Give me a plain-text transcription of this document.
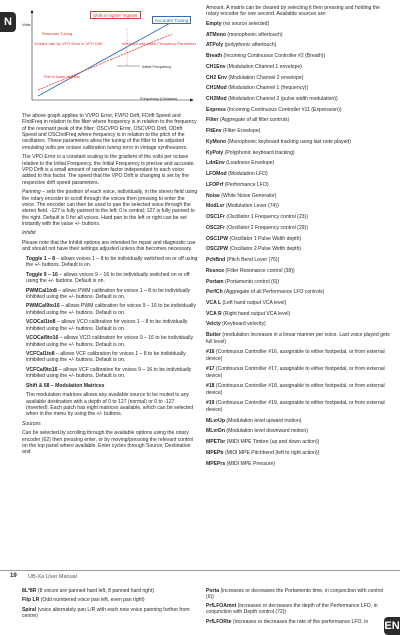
N
EN
Volts
Frequency (Octaves)
Shift in higher register
Accurate Tuning
Resonant Tuning
Graded rate by VPO Error in VPO Drift	Intercept with Initial Frequency Parameter
Initial Frequency
Flat in lower register

The above graph applies to VVPO Error, FVPO Drift, FDrift Speed and FInitFreq in relation to the filter where frequency is in relation to the frequency of the resonant peak of the filter; OSCVPO Error, OSCVPO Drift, ODrift Speed and OSCInitFreq where frequency is in relation to the pitch of the oscillators. These parameters allow the tuning of the filter to be adjusted emulating volts per octave calibration tuning error in vintage synthesizers.

The VPO Error is a constant scaling to the gradient of the volts per octave relative to the Initial Frequency, the Initial Frequency is precise and accurate. VPO Drift is a small amount of random factor independent to each voice added to this factor. The speed that the VPO Drift is changing is set by the respective drift speed parameters.

Panning – sets the position of each voice, individually, in the stereo field using the rotary encoder to scroll through the voices then pressing to enter the voice. The encoder can then be used to pan the selected voice through the stereo field. -127 is fully panned to the left; 0 is central; 127 is fully panned to the right. Default is 0 for all voices. Hard pan to the left or right can be set instantly with the value +/- buttons.

Inhibit

Please note that the Inhibit options are intended for repair and diagnostic use and should not have their settings adjusted unless this becomes necessary.

Toggle 1 – 8 – allows voices 1 – 8 to be individually switched on or off using the +/- buttons. Default is on.

Toggle 9 – 16 – allows voices 9 – 16 to be individually switched on or off using the +/- buttons. Default is on.

PWMCal1to8 – allows PWM calibration for voices 1 – 8 to be individually inhibited using the +/- buttons. Default is on.

PWMCal9to16 – allows PWM calibration for voices 9 – 16 to be individually inhibited using the +/- buttons. Default is on.

VCOCal1to8 – allows VCO calibration for voices 1 – 8 to be individually inhibited using the +/- buttons. Default is on.

VCOCal9to16 – allows VCO calibration for voices 9 – 16 to be individually inhibited using the +/- buttons. Default is on.

VCFCal1to8 – allows VCF calibration for voices 1 – 8 to be individually inhibited using the +/- buttons. Default is on.

VCFCal9to16 – allows VCF calibration for voices 9 – 16 to be individually inhibited using the +/- buttons. Default is on.

Shift & 68 – Modulation Matrices

The modulation matrices allows any available source to be routed to any available destination with a depth of 0 to 127 (normal) or 0 to -127 (inverted). Each patch has eight matrices available, which can be selected when in the menu by using the +/- buttons.

Sources

Can be selected by scrolling through the available options using the rotary encoder (62) then pressing enter, or by moving/pressing the relevant control on the top panel where available. Enter cycles through Source; Destination and

Amount. A matrix can be cleared by selecting it then pressing and holding the rotary encoder for one second. Available sources are:

Empty (no source selected)
ATMono (monophonic aftertouch)
ATPoly (polyphonic aftertouch)
Breath (Incoming Continuous Controller #2 (Breath))
CH1Env (Modulation Channel 1 envelope)
CH2 Env (Modulation Channel 2 envelope)
CH1Mod (Modulation Channel 1 (frequency))
CH2Mod (Modulation Channel 2 (pulse width modulation))
Express (Incoming Continuous Controller #11 (Expression))
Filter (Aggregate of all filter controls)
FltEnv (Filter Envelope)
KyMono (Monophonic keyboard tracking using last note played)
KyPoly (Polyphonic keyboard tracking)
LdnEnv (Loudness Envelope)
LFOMod (Modulation LFO)
LFOPrf (Performance LFO)
Noise (White Noise Generator)
ModLvr (Modulation Lever (74))
OSC1Fr (Oscillator 1 Frequency control (23))
OSC2Fr (Oscillator 2 Frequency control (29))
OSC1PW (Oscillator 1 Pulse Width depth)
OSC2PW (Oscillator 2 Pulse Width depth)
PchBnd (Pitch Bend Lever (75))
Resnce (Filter Resonance control (38))
Portam (Portamento control (6))
PerfCh (Aggregate of all Performance LFO controls)
VCA L (Left hand output VCA level)
VCA R (Right hand output VCA level)
Velcty (Keyboard velocity)
Butter (modulation increases in a linear manner per voice. Last voice played gets full level)
#16 (Continuous Controller #16, assignable to either footpedal, or from external device)
#17 (Continuous Controller #17, assignable to either footpedal, or from external device)
#18 (Continuous Controller #18, assignable to either footpedal, or from external device)
#19 (Continuous Controller #19, assignable to either footpedal, or from external device)
MLvrUp (Modulation level upward motion)
MLvrDn (Modulation level downward motion)
MPETbr (MIDI MPE Timbre (up and down action))
MPEPb (MIDI MPE Pitchbend (left to right action))
MPEPrs (MIDI MPE Pressure)
19 UB-Xa User Manual
8L*8R (8 voices are panned hard left, 8 panned hard right)
Flip LR (Odd numbered voice pan left, even pan right)
Spiral (voice alternately pan L/R with each new voice panning further from centre)
Porta (increases or decreases the Portamento time, in conjunction with control (6))
PrfLFOAmnt (increases or decreases the depth of the Performance LFO, in conjunction with Depth control (72))
PrfLFORte (increases or decreases the rate of the performance LFO, in
